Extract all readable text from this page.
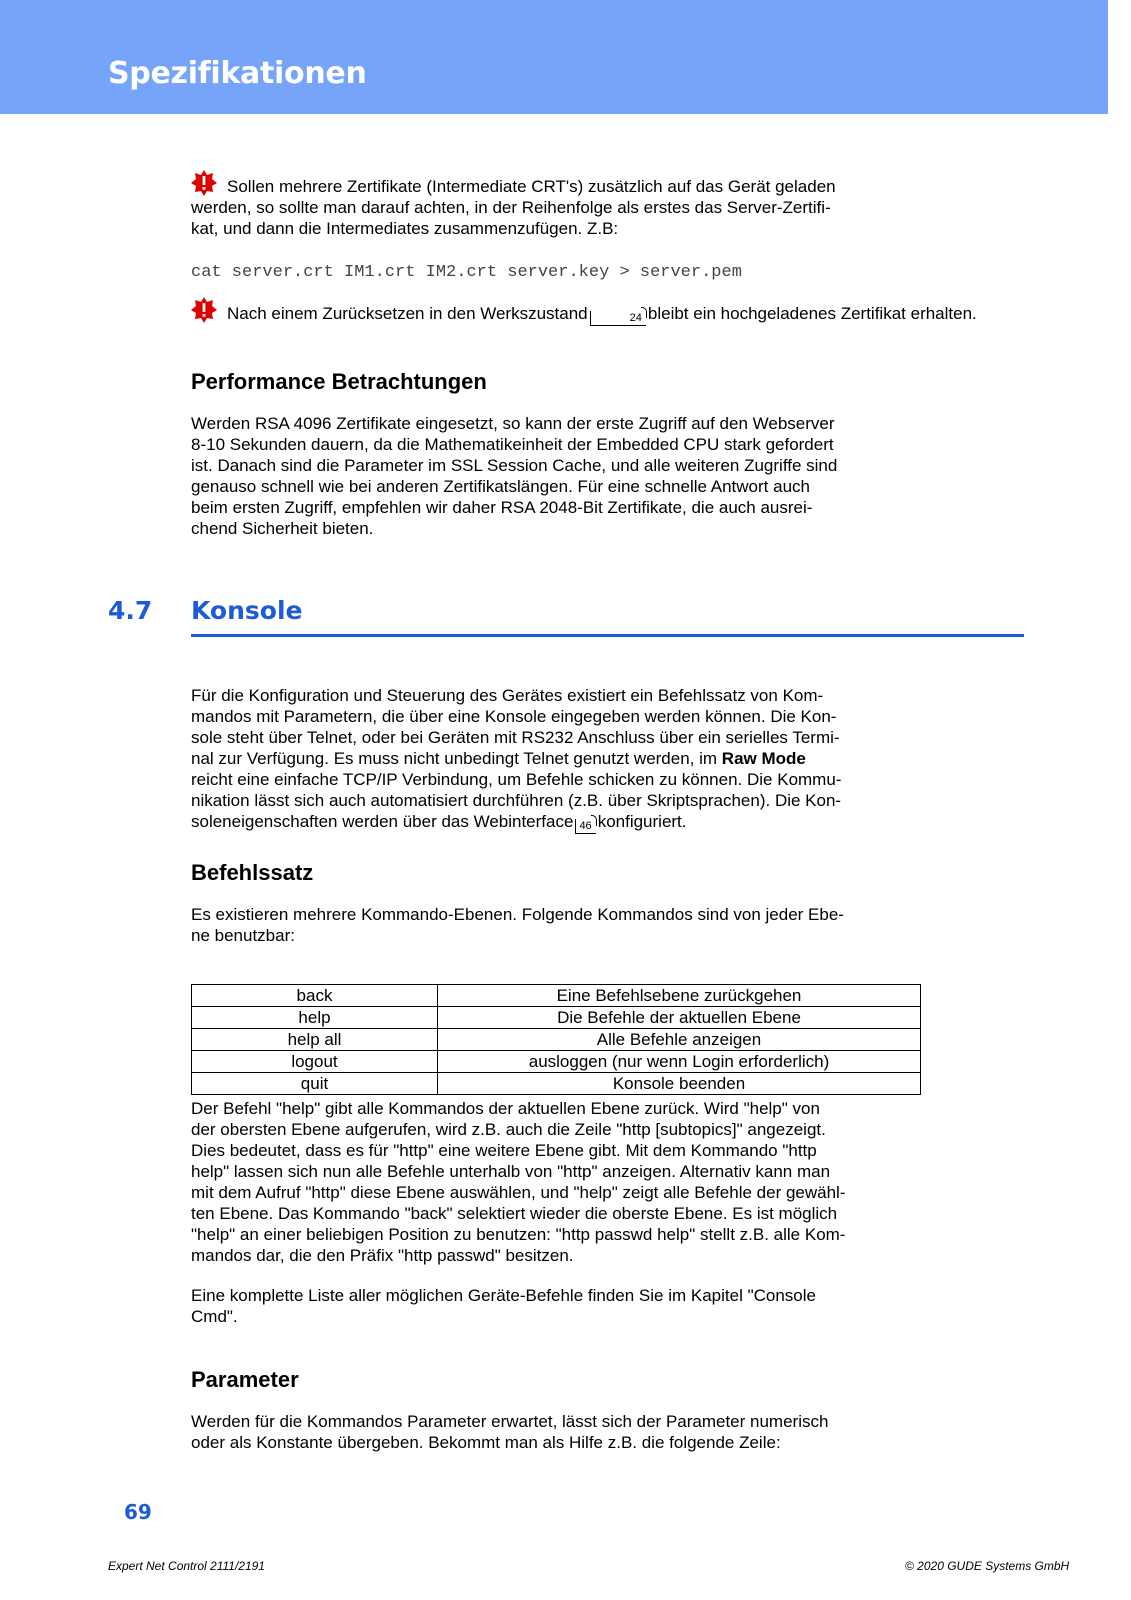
Spezifikationen
Sollen mehrere Zertifikate (Intermediate CRT's) zusätzlich auf das Gerät geladen
werden, so sollte man darauf achten, in der Reihenfolge als erstes das Server-Zertifi-
kat, und dann die Intermediates zusammenzufügen. Z.B:
cat server.crt IM1.crt IM2.crt server.key > server.pem
Nach einem Zurücksetzen in den Werkszustand	24 bleibt ein hochgeladenes Zertifikat erhalten.
Performance Betrachtungen

Werden RSA 4096 Zertifikate eingesetzt, so kann der erste Zugriff auf den Webserver

8-10 Sekunden dauern, da die Mathematikeinheit der Embedded CPU stark gefordert

ist. Danach sind die Parameter im SSL Session Cache, und alle weiteren Zugriffe sind

genauso schnell wie bei anderen Zertifikatslängen. Für eine schnelle Antwort auch

beim ersten Zugriff, empfehlen wir daher RSA 2048-Bit Zertifikate, die auch ausrei-

chend Sicherheit bieten.

4.7 Konsole

Für die Konfiguration und Steuerung des Gerätes existiert ein Befehlssatz von Kom-

mandos mit Parametern, die über eine Konsole eingegeben werden können. Die Kon-

sole steht über Telnet, oder bei Geräten mit RS232 Anschluss über ein serielles Termi-

nal zur Verfügung. Es muss nicht unbedingt Telnet genutzt werden, im Raw Mode

reicht eine einfache TCP/IP Verbindung, um Befehle schicken zu können. Die Kommu-

nikation lässt sich auch automatisiert durchführen (z.B. über Skriptsprachen). Die Kon-

soleneigenschaften werden über das Webinterface 46 konfiguriert.

Befehlssatz

Es existieren mehrere Kommando-Ebenen. Folgende Kommandos sind von jeder Ebe-

ne benutzbar:

back	Eine Befehlsebene zurückgehen
help	Die Befehle der aktuellen Ebene
help all	Alle Befehle anzeigen
logout	ausloggen (nur wenn Login erforderlich)
quit	Konsole beenden

Der Befehl "help" gibt alle Kommandos der aktuellen Ebene zurück. Wird "help" von

der obersten Ebene aufgerufen, wird z.B. auch die Zeile "http [subtopics]" angezeigt.

Dies bedeutet, dass es für "http" eine weitere Ebene gibt. Mit dem Kommando "http

help" lassen sich nun alle Befehle unterhalb von "http" anzeigen. Alternativ kann man

mit dem Aufruf "http" diese Ebene auswählen, und "help" zeigt alle Befehle der gewähl-

ten Ebene. Das Kommando "back" selektiert wieder die oberste Ebene. Es ist möglich

"help" an einer beliebigen Position zu benutzen: "http passwd help" stellt z.B. alle Kom-

mandos dar, die den Präfix "http passwd" besitzen.

Eine komplette Liste aller möglichen Geräte-Befehle finden Sie im Kapitel "Console

Cmd".

Parameter

Werden für die Kommandos Parameter erwartet, lässt sich der Parameter numerisch

oder als Konstante übergeben. Bekommt man als Hilfe z.B. die folgende Zeile:

69
Expert Net Control 2111/2191	© 2020 GUDE Systems GmbH
